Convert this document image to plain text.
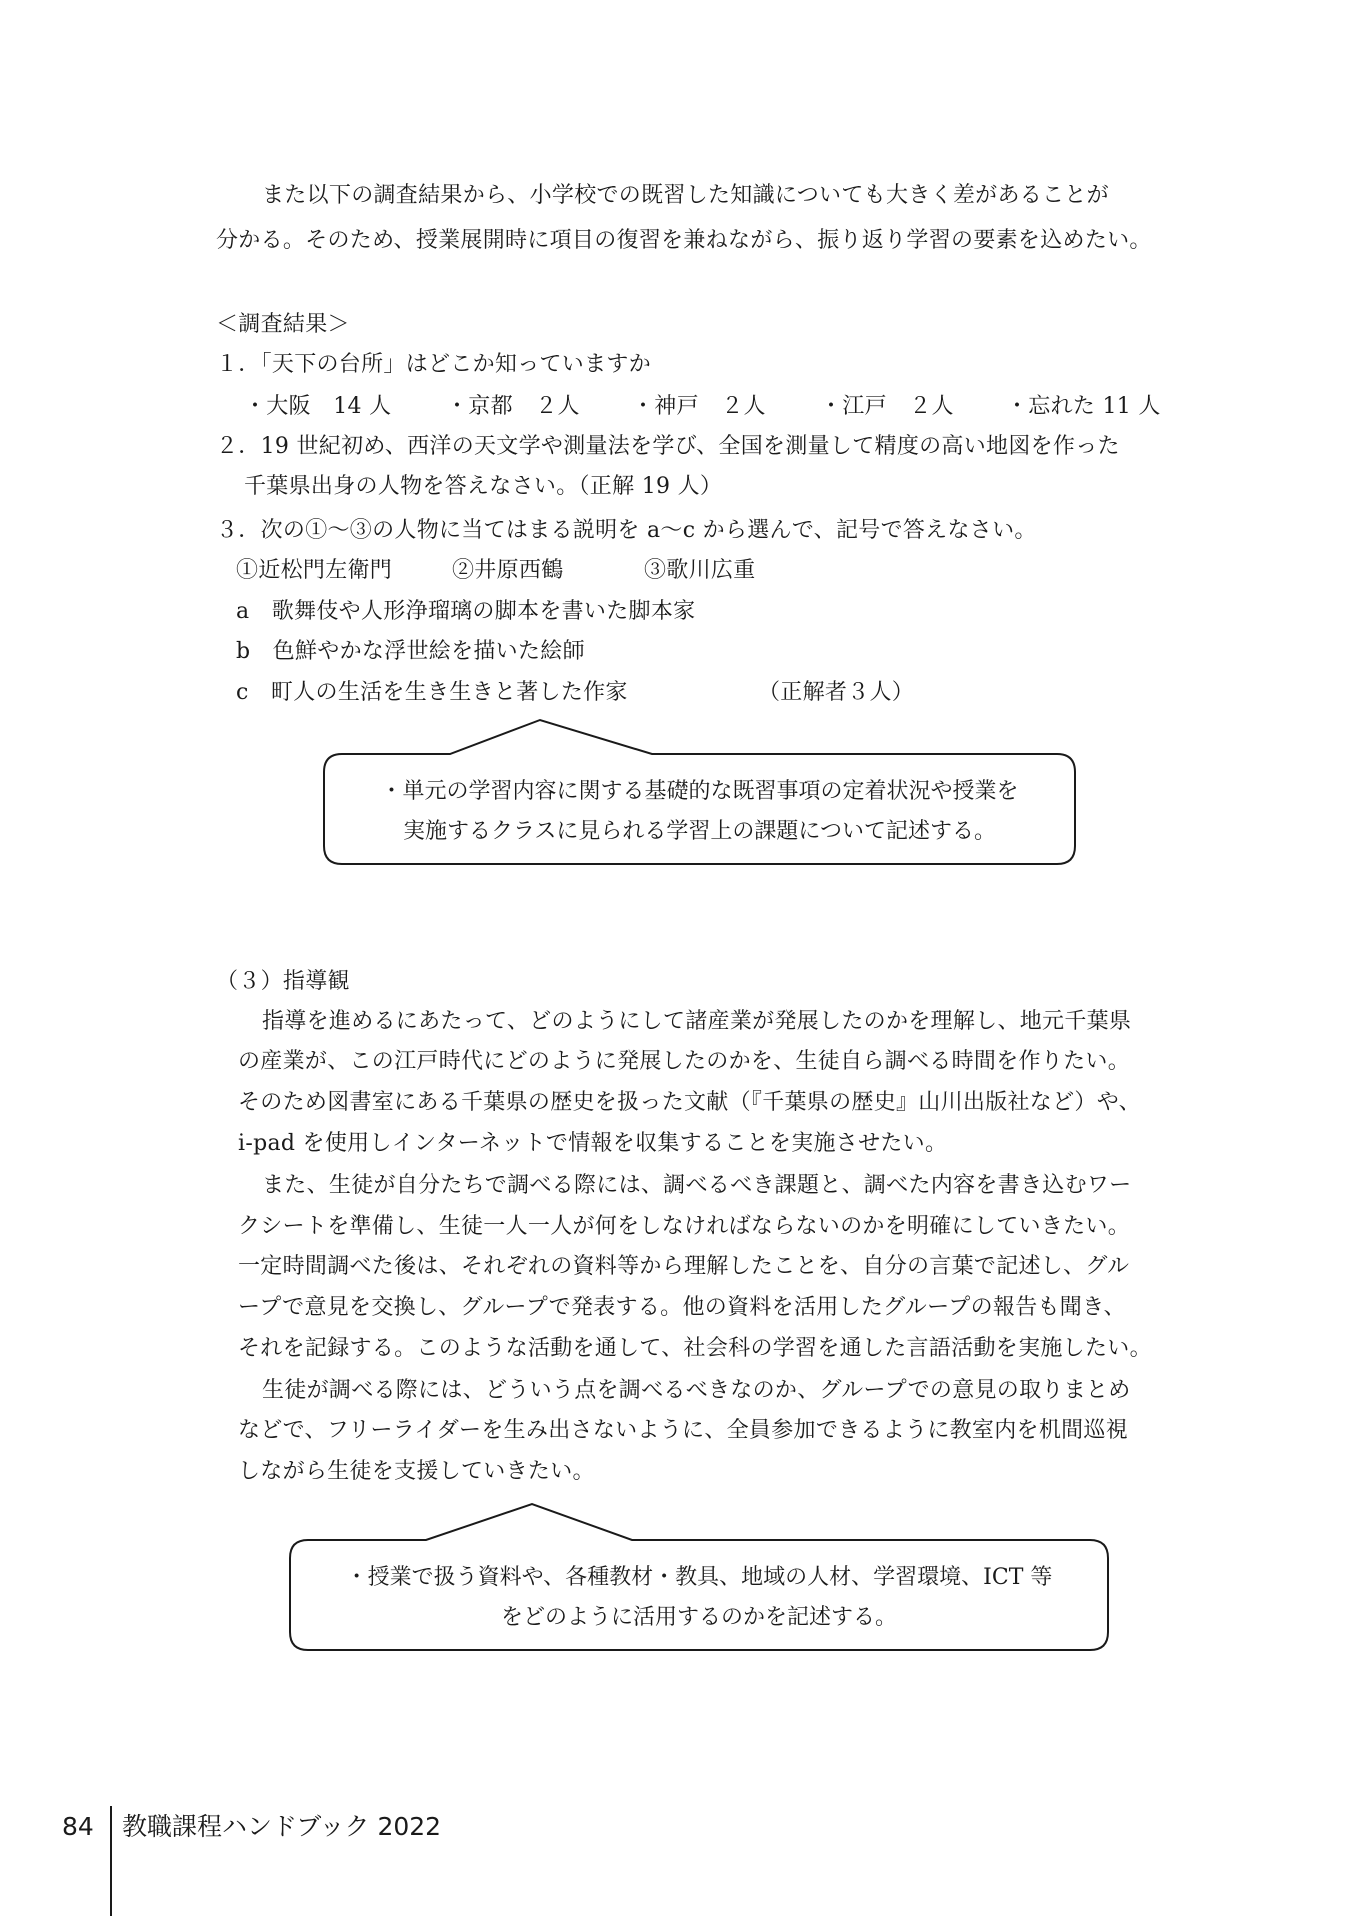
また以下の調査結果から、小学校での既習した知識についても大きく差があることが
分かる。そのため、授業展開時に項目の復習を兼ねながら、振り返り学習の要素を込めたい。
＜調査結果＞
１．「天下の台所」はどこか知っていますか
・大阪　14 人 ・京都　２人 ・神戸　２人 ・江戸　２人 ・忘れた 11 人
２．19 世紀初め、西洋の天文学や測量法を学び、全国を測量して精度の高い地図を作った
千葉県出身の人物を答えなさい。（正解 19 人）
３．次の①～③の人物に当てはまる説明を a～c から選んで、記号で答えなさい。
①近松門左衛門	②井原西鶴	③歌川広重
a　歌舞伎や人形浄瑠璃の脚本を書いた脚本家
b　色鮮やかな浮世絵を描いた絵師
c　町人の生活を生き生きと著した作家	（正解者３人）
・単元の学習内容に関する基礎的な既習事項の定着状況や授業を
実施するクラスに見られる学習上の課題について記述する。
（３）指導観
指導を進めるにあたって、どのようにして諸産業が発展したのかを理解し、地元千葉県
の産業が、この江戸時代にどのように発展したのかを、生徒自ら調べる時間を作りたい。
そのため図書室にある千葉県の歴史を扱った文献（『千葉県の歴史』山川出版社など）や、
i-pad を使用しインターネットで情報を収集することを実施させたい。
また、生徒が自分たちで調べる際には、調べるべき課題と、調べた内容を書き込むワー
クシートを準備し、生徒一人一人が何をしなければならないのかを明確にしていきたい。
一定時間調べた後は、それぞれの資料等から理解したことを、自分の言葉で記述し、グル
ープで意見を交換し、グループで発表する。他の資料を活用したグループの報告も聞き、
それを記録する。このような活動を通して、社会科の学習を通した言語活動を実施したい。
生徒が調べる際には、どういう点を調べるべきなのか、グループでの意見の取りまとめ
などで、フリーライダーを生み出さないように、全員参加できるように教室内を机間巡視
しながら生徒を支援していきたい。
・授業で扱う資料や、各種教材・教具、地域の人材、学習環境、ICT 等
をどのように活用するのかを記述する。
84 教職課程ハンドブック 2022
